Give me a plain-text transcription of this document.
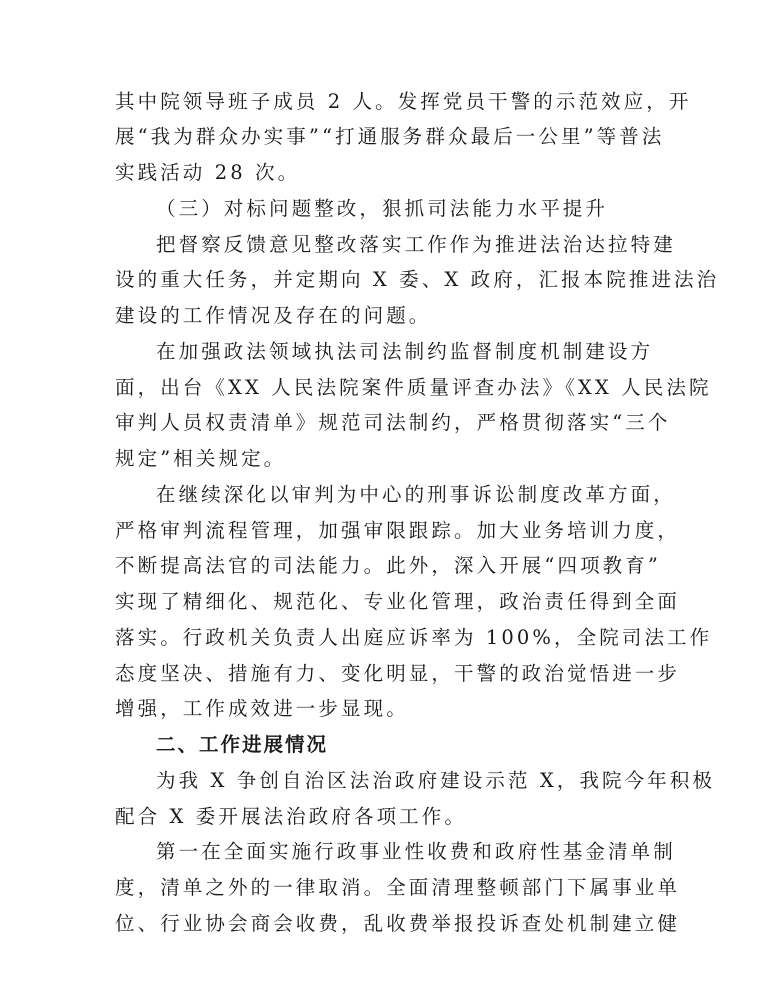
其中院领导班子成员 2 人。发挥党员干警的示范效应，开
展“我为群众办实事”“打通服务群众最后一公里”等普法
实践活动 28 次。
（三）对标问题整改，狠抓司法能力水平提升
把督察反馈意见整改落实工作作为推进法治达拉特建
设的重大任务，并定期向 X 委、X 政府，汇报本院推进法治
建设的工作情况及存在的问题。
在加强政法领域执法司法制约监督制度机制建设方
面，出台《XX 人民法院案件质量评查办法》《XX 人民法院
审判人员权责清单》规范司法制约，严格贯彻落实“三个
规定”相关规定。
在继续深化以审判为中心的刑事诉讼制度改革方面，
严格审判流程管理，加强审限跟踪。加大业务培训力度，
不断提高法官的司法能力。此外，深入开展“四项教育”
实现了精细化、规范化、专业化管理，政治责任得到全面
落实。行政机关负责人出庭应诉率为 100%，全院司法工作
态度坚决、措施有力、变化明显，干警的政治觉悟进一步
增强，工作成效进一步显现。
二、工作进展情况
为我 X 争创自治区法治政府建设示范 X，我院今年积极
配合 X 委开展法治政府各项工作。
第一在全面实施行政事业性收费和政府性基金清单制
度，清单之外的一律取消。全面清理整顿部门下属事业单
位、行业协会商会收费，乱收费举报投诉查处机制建立健
